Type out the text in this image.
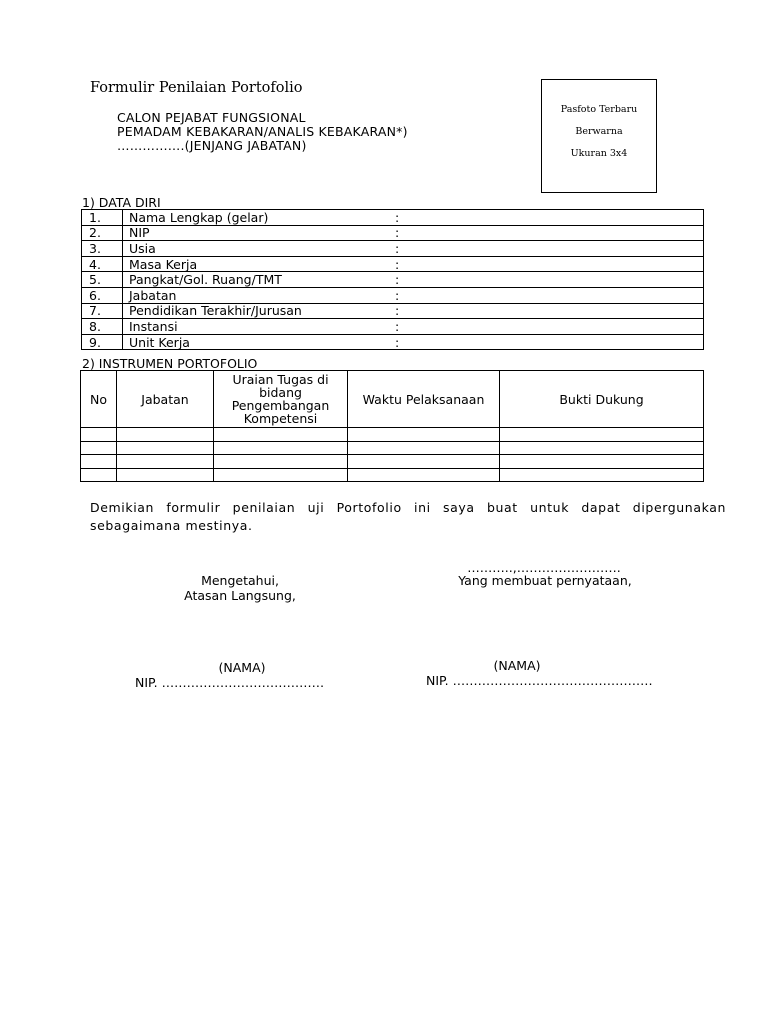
Formulir Penilaian Portofolio
CALON PEJABAT FUNGSIONAL
PEMADAM KEBAKARAN/ANALIS KEBAKARAN*)
…………….(JENJANG JABATAN)
Pasfoto Terbaru
Berwarna
Ukuran 3x4
1) DATA DIRI
1.	Nama Lengkap (gelar)	:
2.	NIP	:
3.	Usia	:
4.	Masa Kerja	:
5.	Pangkat/Gol. Ruang/TMT	:
6.	Jabatan	:
7.	Pendidikan Terakhir/Jurusan	:
8.	Instansi	:
9.	Unit Kerja	:
2) INSTRUMEN PORTOFOLIO
No	Jabatan	Uraian Tugas di
bidang
Pengembangan
Kompetensi	Waktu Pelaksanaan	Bukti Dukung

Demikian formulir penilaian uji Portofolio ini saya buat untuk dapat dipergunakan sebagaimana mestinya.
………..,…………………….
Mengetahui,
Atasan Langsung,
Yang membuat pernyataan,
(NAMA)	(NAMA)
NIP. …………………………………	NIP. …………………………………………
